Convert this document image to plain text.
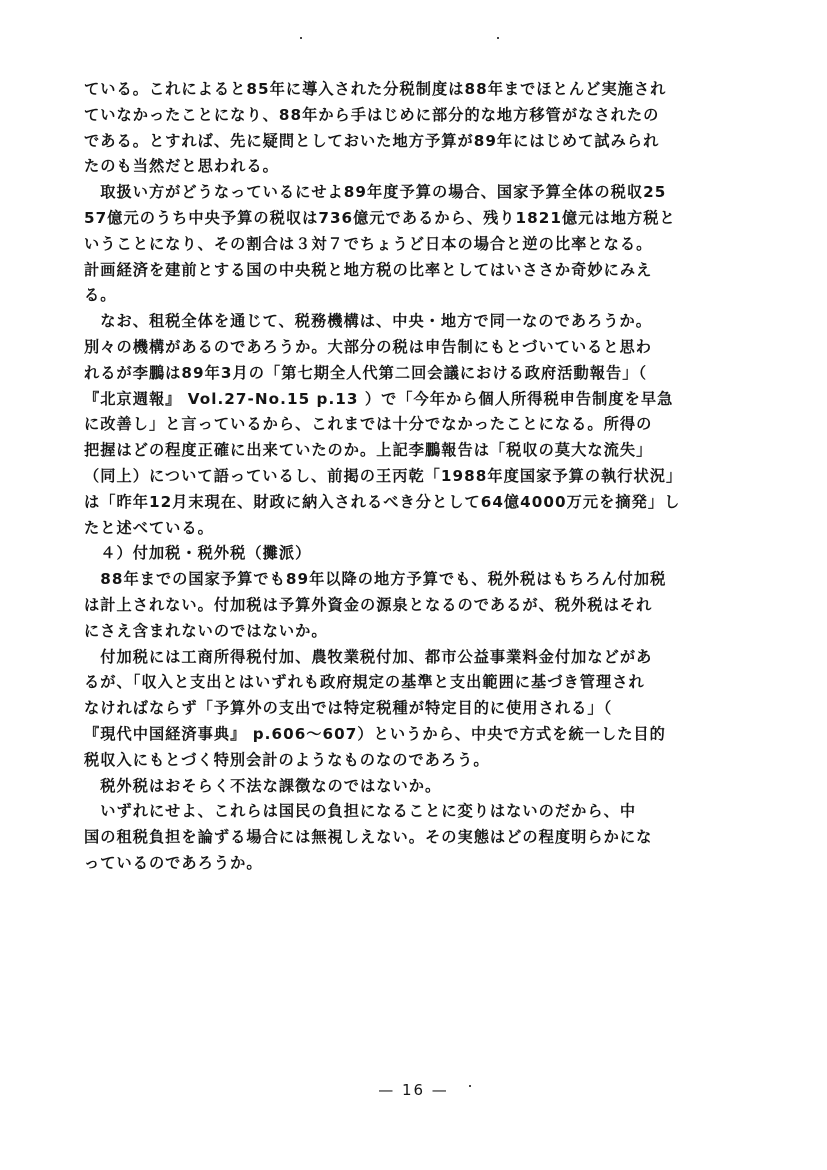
ている。これによると85年に導入された分税制度は88年までほとんど実施され
ていなかったことになり、88年から手はじめに部分的な地方移管がなされたの
である。とすれば、先に疑問としておいた地方予算が89年にはじめて試みられ
たのも当然だと思われる。
　取扱い方がどうなっているにせよ89年度予算の場合、国家予算全体の税収25
57億元のうち中央予算の税収は736億元であるから、残り1821億元は地方税と
いうことになり、その割合は３対７でちょうど日本の場合と逆の比率となる。
計画経済を建前とする国の中央税と地方税の比率としてはいささか奇妙にみえ
る。
　なお、租税全体を通じて、税務機構は、中央・地方で同一なのであろうか。
別々の機構があるのであろうか。大部分の税は申告制にもとづいていると思わ
れるが李鵬は89年3月の「第七期全人代第二回会議における政府活動報告」（
『北京週報』 Vol.27-No.15 p.13 ）で「今年から個人所得税申告制度を早急
に改善し」と言っているから、これまでは十分でなかったことになる。所得の
把握はどの程度正確に出来ていたのか。上記李鵬報告は「税収の莫大な流失」
（同上）について語っているし、前掲の王丙乾「1988年度国家予算の執行状況」
は「昨年12月末現在、財政に納入されるべき分として64億4000万元を摘発」し
たと述べている。
　４）付加税・税外税（攤派）
　88年までの国家予算でも89年以降の地方予算でも、税外税はもちろん付加税
は計上されない。付加税は予算外資金の源泉となるのであるが、税外税はそれ
にさえ含まれないのではないか。
　付加税には工商所得税付加、農牧業税付加、都市公益事業料金付加などがあ
るが、「収入と支出とはいずれも政府規定の基準と支出範囲に基づき管理され
なければならず「予算外の支出では特定税種が特定目的に使用される」（
『現代中国経済事典』 p.606～607）というから、中央で方式を統一した目的
税収入にもとづく特別会計のようなものなのであろう。
　税外税はおそらく不法な課徴なのではないか。
　いずれにせよ、これらは国民の負担になることに変りはないのだから、中
国の租税負担を論ずる場合には無視しえない。その実態はどの程度明らかにな
っているのであろうか。
— 16 —
